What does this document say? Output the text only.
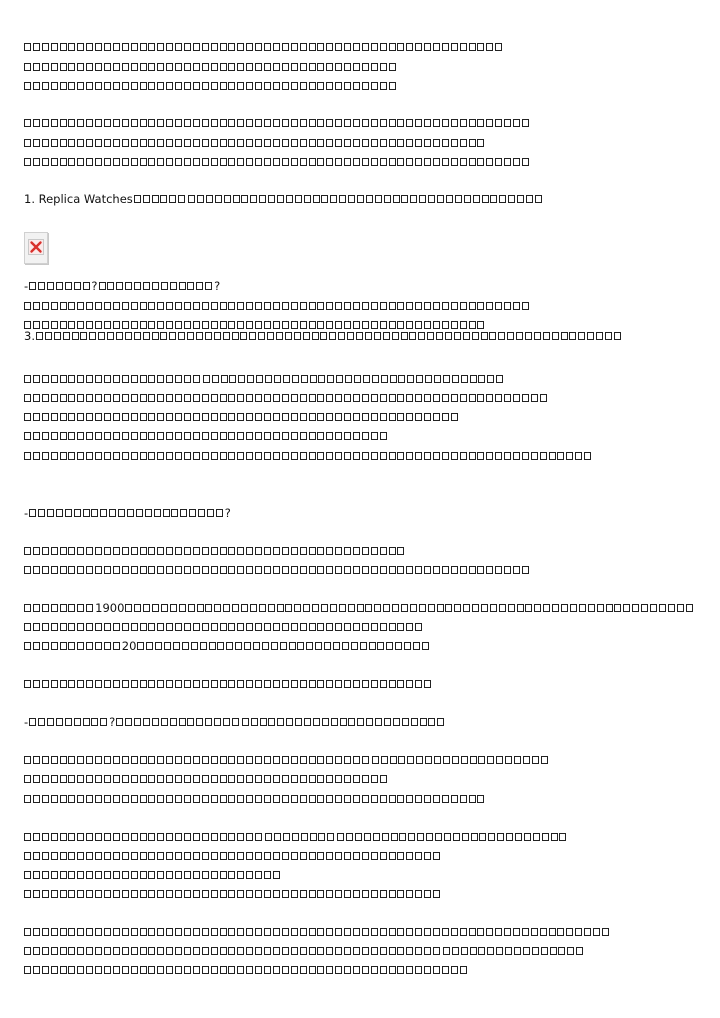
1. Replica Watches
-	?	?
3.
-	?
1900
20
-	?
